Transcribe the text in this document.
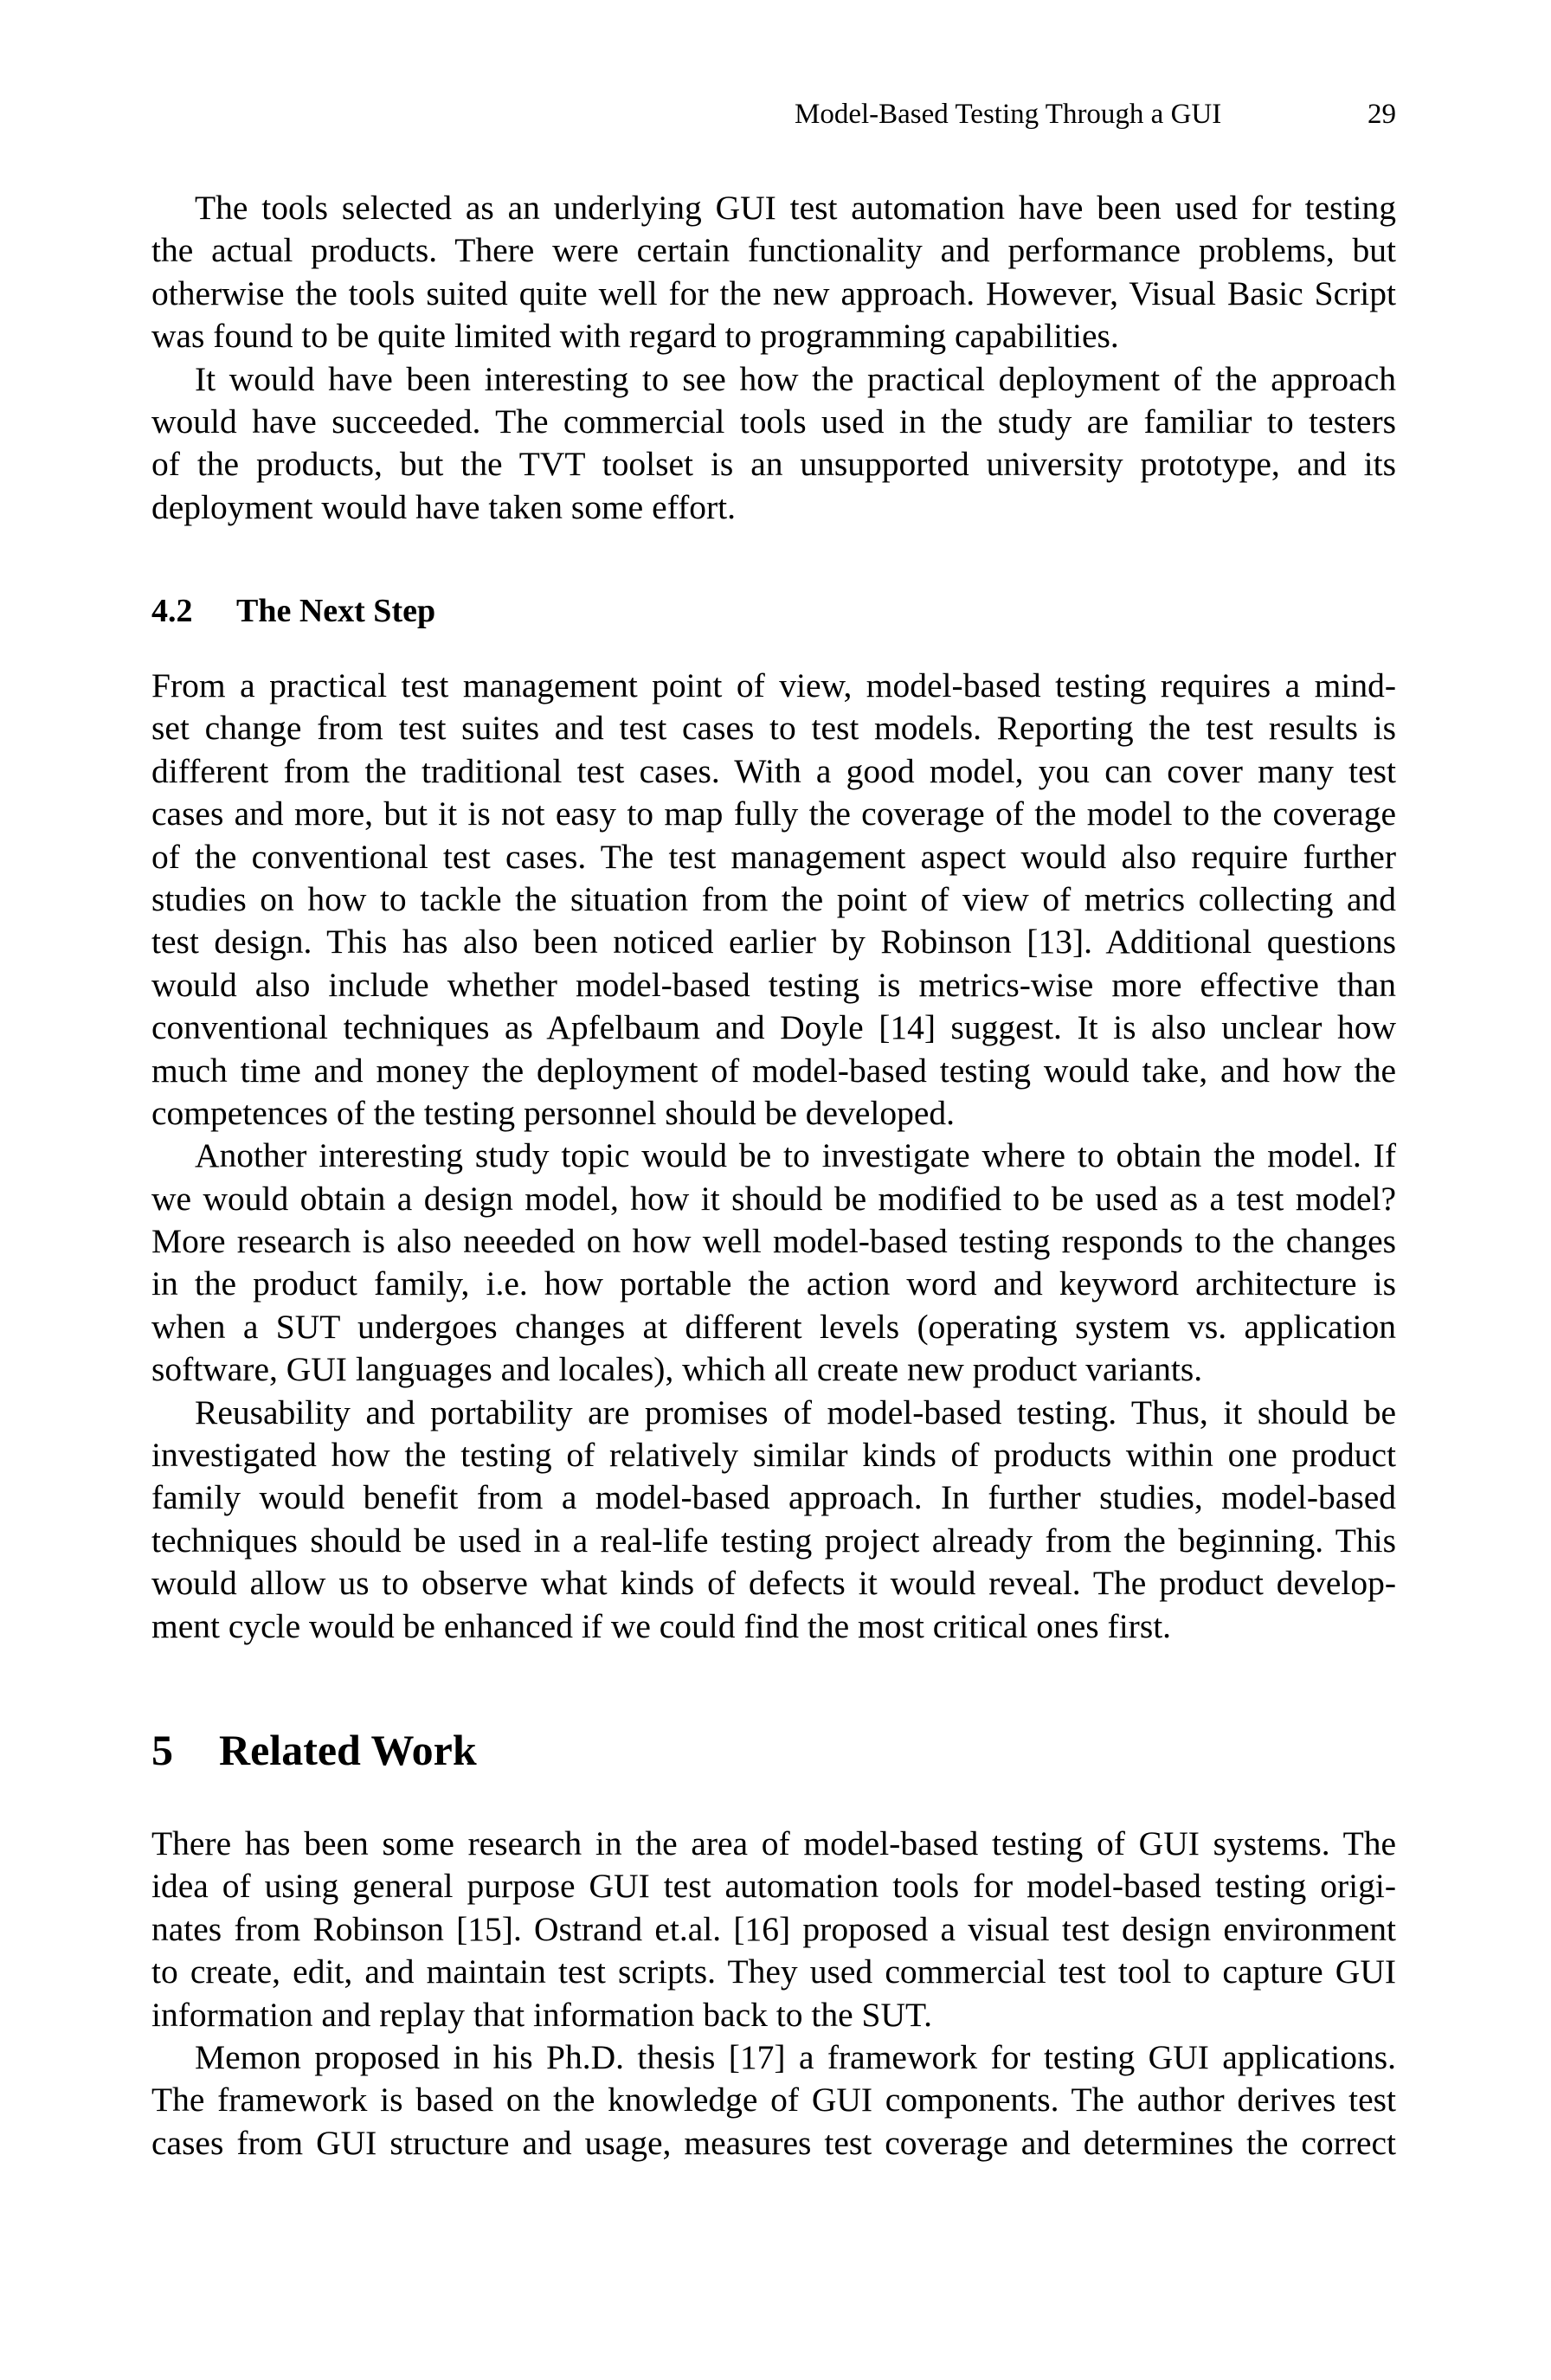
Model-Based Testing Through a GUI	29

The tools selected as an underlying GUI test automation have been used for testing
the actual products. There were certain functionality and performance problems, but
otherwise the tools suited quite well for the new approach. However, Visual Basic Script
was found to be quite limited with regard to programming capabilities.

It would have been interesting to see how the practical deployment of the approach
would have succeeded. The commercial tools used in the study are familiar to testers
of the products, but the TVT toolset is an unsupported university prototype, and its
deployment would have taken some effort.

4.2 The Next Step

From a practical test management point of view, model-based testing requires a mind-
set change from test suites and test cases to test models. Reporting the test results is
different from the traditional test cases. With a good model, you can cover many test
cases and more, but it is not easy to map fully the coverage of the model to the coverage
of the conventional test cases. The test management aspect would also require further
studies on how to tackle the situation from the point of view of metrics collecting and
test design. This has also been noticed earlier by Robinson [13]. Additional questions
would also include whether model-based testing is metrics-wise more effective than
conventional techniques as Apfelbaum and Doyle [14] suggest. It is also unclear how
much time and money the deployment of model-based testing would take, and how the
competences of the testing personnel should be developed.

Another interesting study topic would be to investigate where to obtain the model. If
we would obtain a design model, how it should be modified to be used as a test model?
More research is also neeeded on how well model-based testing responds to the changes
in the product family, i.e. how portable the action word and keyword architecture is
when a SUT undergoes changes at different levels (operating system vs. application
software, GUI languages and locales), which all create new product variants.

Reusability and portability are promises of model-based testing. Thus, it should be
investigated how the testing of relatively similar kinds of products within one product
family would benefit from a model-based approach. In further studies, model-based
techniques should be used in a real-life testing project already from the beginning. This
would allow us to observe what kinds of defects it would reveal. The product develop-
ment cycle would be enhanced if we could find the most critical ones first.

5 Related Work

There has been some research in the area of model-based testing of GUI systems. The
idea of using general purpose GUI test automation tools for model-based testing origi-
nates from Robinson [15]. Ostrand et.al. [16] proposed a visual test design environment
to create, edit, and maintain test scripts. They used commercial test tool to capture GUI
information and replay that information back to the SUT.

Memon proposed in his Ph.D. thesis [17] a framework for testing GUI applications.
The framework is based on the knowledge of GUI components. The author derives test
cases from GUI structure and usage, measures test coverage and determines the correct
